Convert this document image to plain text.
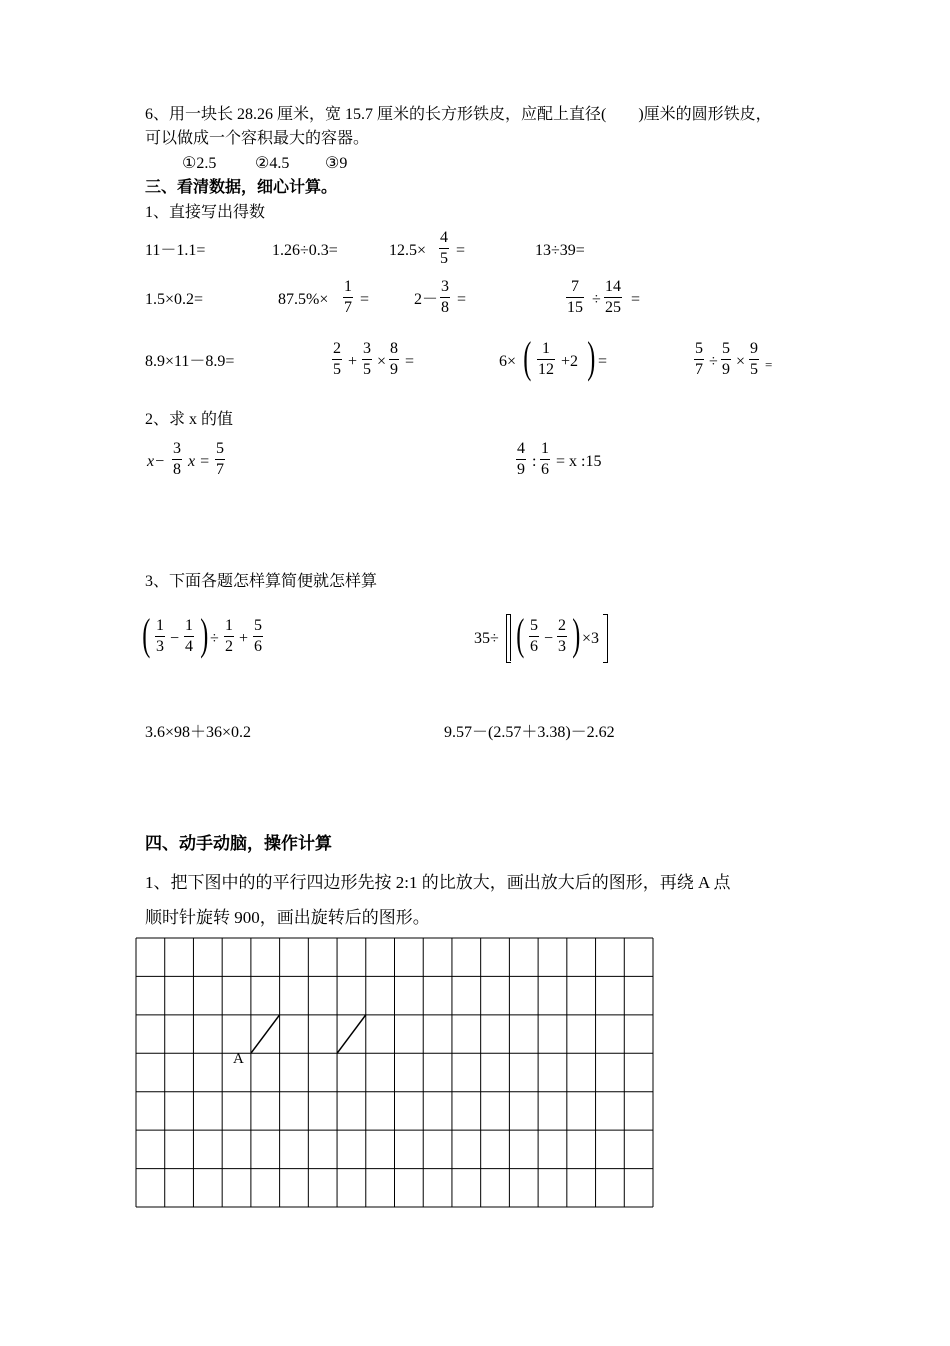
6、用一块长 28.26 厘米，宽 15.7 厘米的长方形铁皮，应配上直径(　　)厘米的圆形铁皮，
可以做成一个容积最大的容器。
①2.5 ②4.5 ③9
三、看清数据，细心计算。
1、直接写出得数
11－1.1=	1.26÷0.3=	12.5×
4
5 =	13÷39=
1.5×0.2=	87.5%×
1
7 =	2－
3
8 =
7
15 ÷
14
25 =
8.9×11－8.9=
2
5 +
3
5 ×
8
9 =	6× ( 1
12 +2 ) =
5
7 ÷
5
9 ×
9
5 =
2、求 x 的值
x−
3
8 x =
5
7
4
9 :
1
6 = x :15
3、下面各题怎样算简便就怎样算
( 1
3 −
1
4 ) ÷
1
2 +
5
6	35÷ ( 5
6 −
2
3 ) ×3
3.6×98＋36×0.2	9.57－(2.57＋3.38)－2.62
四、动手动脑，操作计算
1、把下图中的的平行四边形先按 2:1 的比放大，画出放大后的图形，再绕 A 点
顺时针旋转 900，画出旋转后的图形。
A
